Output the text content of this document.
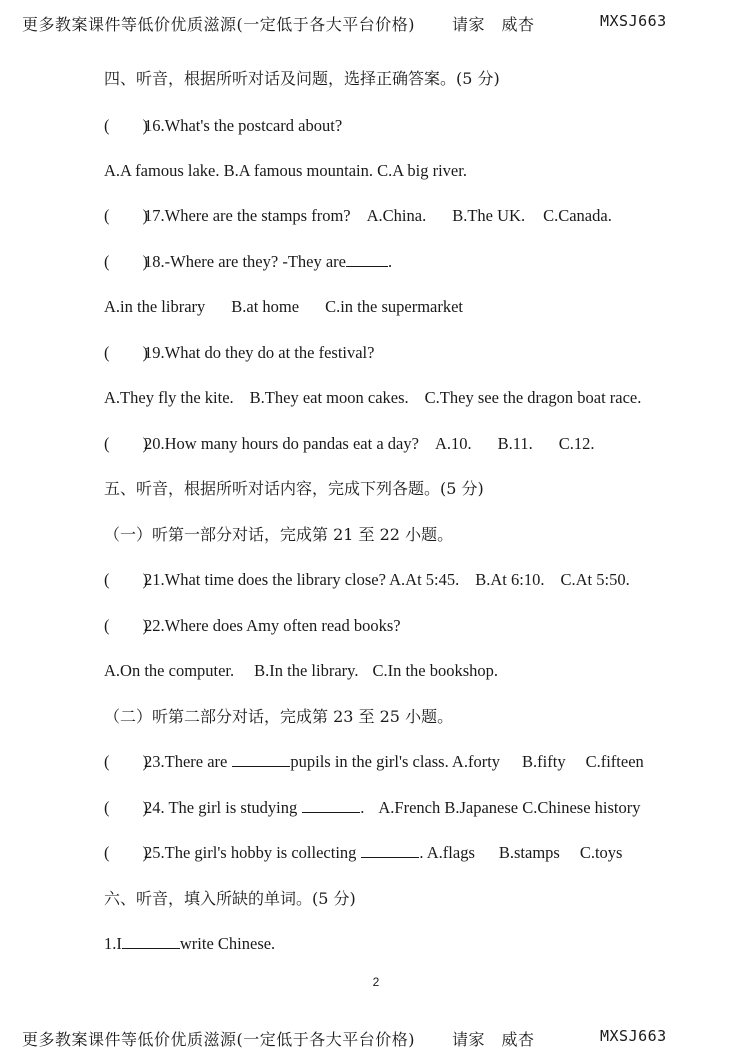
更多教案课件等低价优质滋源(一定低于各大平台价格) 请家　威杏	MXSJ663
四、听音，根据所听对话及问题，选择正确答案。(5 分)
(　　)16.What's the postcard about?
A.A famous lake. B.A famous mountain. C.A big river.
(　　)17.Where are the stamps from? A.China. B.The UK. C.Canada.
(　　)18.-Where are they? -They are	.
A.in the library B.at home C.in the supermarket
(　　)19.What do they do at the festival?
A.They fly the kite. B.They eat moon cakes. C.They see the dragon boat race.
(　　)20.How many hours do pandas eat a day? A.10. B.11. C.12.
五、听音，根据所听对话内容，完成下列各题。(5 分)
（一）听第一部分对话，完成第 21 至 22 小题。
(　　)21.What time does the library close? A.At 5:45. B.At 6:10. C.At 5:50.
(　　)22.Where does Amy often read books?
A.On the computer. B.In the library. C.In the bookshop.
（二）听第二部分对话，完成第 23 至 25 小题。
(　　)23.There are	pupils in the girl's class. A.forty B.fifty C.fifteen
(　　)24. The girl is studying	. A.French B.Japanese C.Chinese history
(　　)25.The girl's hobby is collecting	. A.flags B.stamps C.toys
六、听音，填入所缺的单词。(5 分)
1.I	write Chinese.
2
更多教案课件等低价优质滋源(一定低于各大平台价格) 请家　威杏	MXSJ663
